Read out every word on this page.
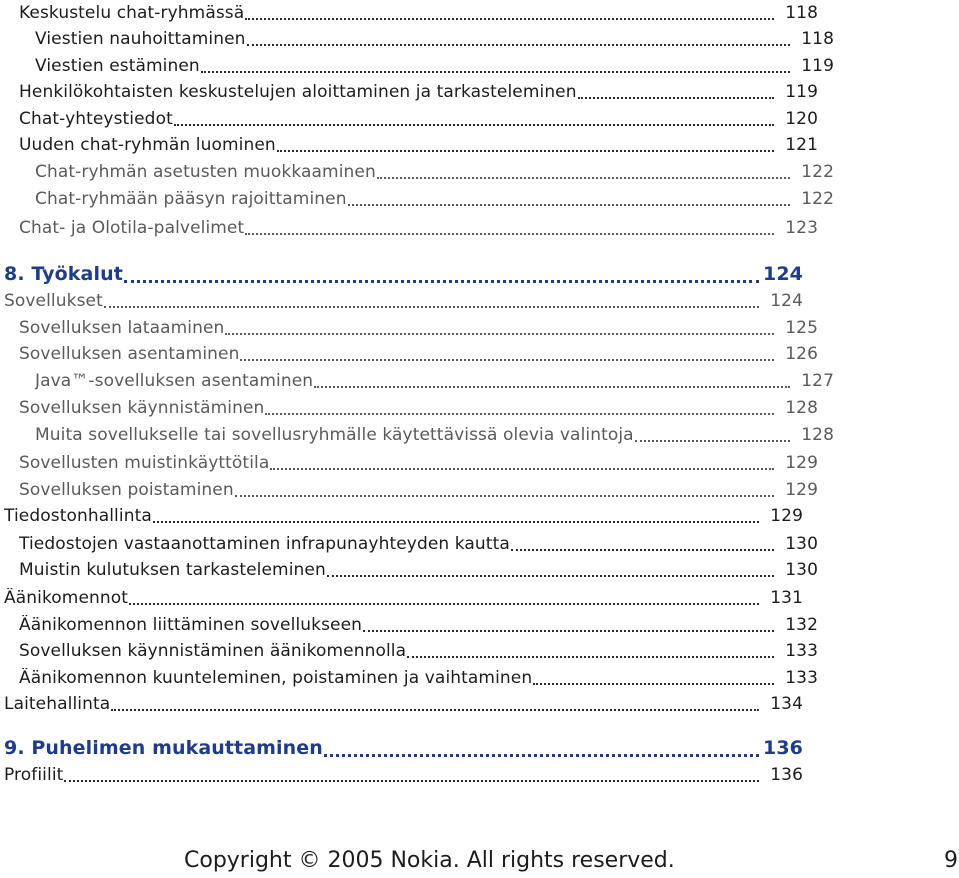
Keskustelu chat-ryhmässä	118
Viestien nauhoittaminen	118
Viestien estäminen	119
Henkilökohtaisten keskustelujen aloittaminen ja tarkasteleminen	119
Chat-yhteystiedot	120
Uuden chat-ryhmän luominen	121
Chat-ryhmän asetusten muokkaaminen	122
Chat-ryhmään pääsyn rajoittaminen	122
Chat- ja Olotila-palvelimet	123
8. Työkalut	124
Sovellukset	124
Sovelluksen lataaminen	125
Sovelluksen asentaminen	126
Java™-sovelluksen asentaminen	127
Sovelluksen käynnistäminen	128
Muita sovellukselle tai sovellusryhmälle käytettävissä olevia valintoja	128
Sovellusten muistinkäyttötila	129
Sovelluksen poistaminen	129
Tiedostonhallinta	129
Tiedostojen vastaanottaminen infrapunayhteyden kautta	130
Muistin kulutuksen tarkasteleminen	130
Äänikomennot	131
Äänikomennon liittäminen sovellukseen	132
Sovelluksen käynnistäminen äänikomennolla	133
Äänikomennon kuunteleminen, poistaminen ja vaihtaminen	133
Laitehallinta	134
9. Puhelimen mukauttaminen	136
Profiilit	136
Copyright © 2005 Nokia. All rights reserved.	9
